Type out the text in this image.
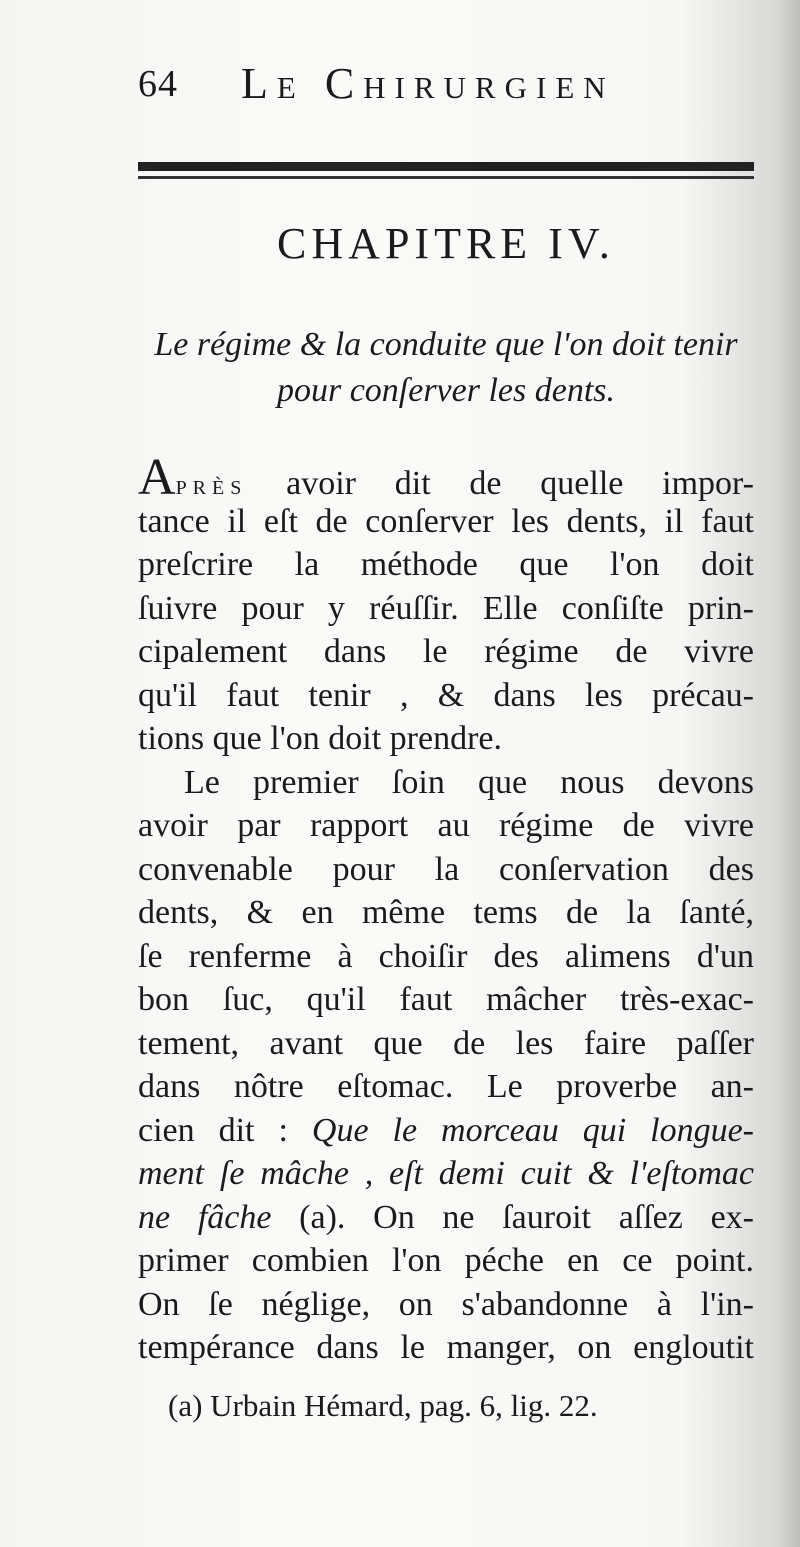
64 Le Chirurgien
CHAPITRE IV.
Le régime & la conduite que l'on doit tenir
pour conſerver les dents.
Après avoir dit de quelle impor-
tance il eſt de conſerver les dents, il faut
preſcrire la méthode que l'on doit
ſuivre pour y réuſſir. Elle conſiſte prin-
cipalement dans le régime de vivre
qu'il faut tenir , & dans les précau-
tions que l'on doit prendre.
Le premier ſoin que nous devons
avoir par rapport au régime de vivre
convenable pour la conſervation des
dents, & en même tems de la ſanté,
ſe renferme à choiſir des alimens d'un
bon ſuc, qu'il faut mâcher très-exac-
tement, avant que de les faire paſſer
dans nôtre eſtomac. Le proverbe an-
cien dit : Que le morceau qui longue-
ment ſe mâche , eſt demi cuit & l'eſtomac
ne fâche (a). On ne ſauroit aſſez ex-
primer combien l'on péche en ce point.
On ſe néglige, on s'abandonne à l'in-
tempérance dans le manger, on engloutit
(a) Urbain Hémard, pag. 6, lig. 22.
